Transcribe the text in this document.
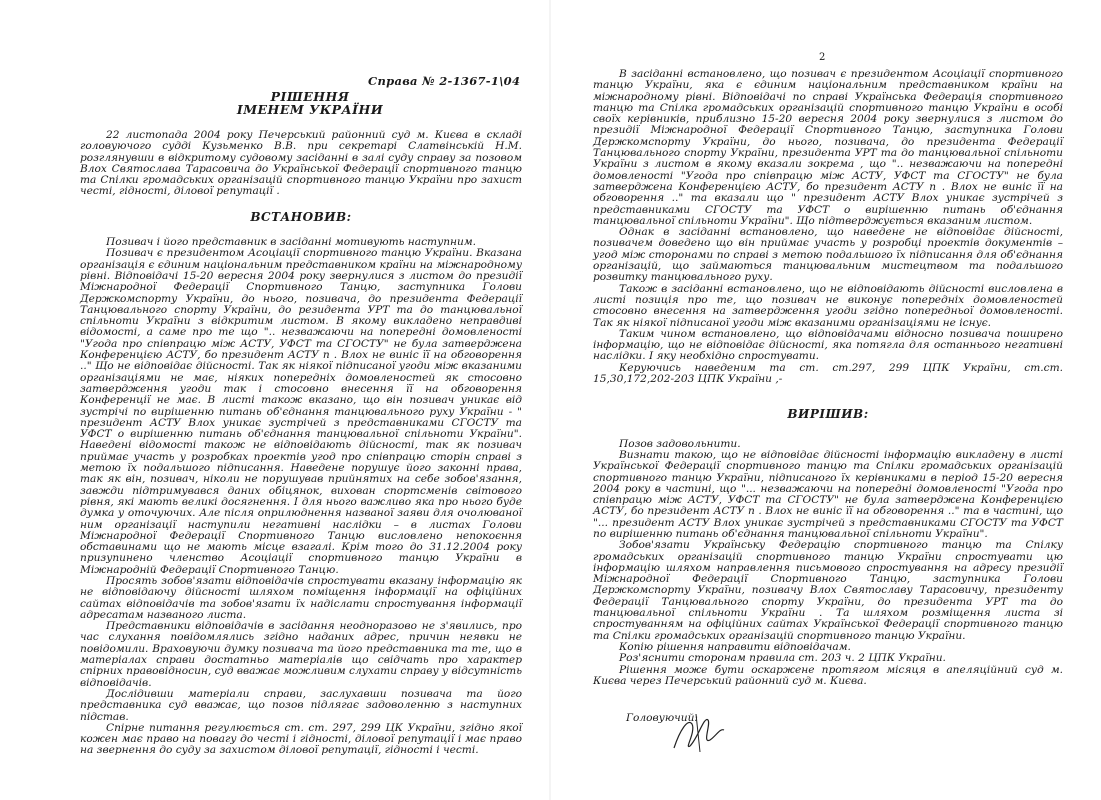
Справа № 2-1367-1\04
РІШЕННЯ
ІМЕНЕМ УКРАЇНИ

22 листопада 2004 року Печерський районний суд м. Києва в складі головуючого судді Кузьменко В.В. при секретарі Слатвінській Н.М. розглянувши в відкритому судовому засіданні в залі суду справу за позовом Влох Святослава Тарасовича до Української Федерації спортивного танцю та Спілки громадських організацій спортивного танцю України про захист честі, гідності, ділової репутації .

ВСТАНОВИВ:

Позивач і його представник в засіданні мотивують наступним.

Позивач є президентом Асоціації спортивного танцю України. Вказана організація є єдиним національним представником країни на міжнародному рівні. Відповідачі 15-20 вересня 2004 року звернулися з листом до президії Міжнародної Федерації Спортивного Танцю, заступника Голови Держкомспорту України, до нього, позивача, до президента Федерації Танцювального спорту України, до резидента УРТ та до танцювальної спільноти України з відкритим листом. В якому викладено неправдиві відомості, а саме про те що ".. незважаючи на попередні домовленості "Угода про співпрацю між АСТУ, УФСТ та СГОСТУ" не була затверджена Конференцією АСТУ, бо президент АСТУ п . Влох не виніс її на обговорення .." Що не відповідає дійсності. Так як ніякої підписаної угоди між вказаними організаціями не має, ніяких попередніх домовленостей як стосовно затвердження угоди так і стосовно внесення її на обговорення Конференції не має. В листі також вказано, що він позивач уникає від зустрічі по вирішенню питань об'єднання танцювального руху України - " президент АСТУ Влох уникає зустрічей з представниками СГОСТУ та УФСТ о вирішенню питань об'єднання танцювальної спільноти України". Наведені відомості також не відповідають дійсності, так як позивач приймає участь у розробках проектів угод про співпрацю сторін справі з метою їх подальшого підписання. Наведене порушує його законні права, так як він, позивач, ніколи не порушував прийнятих на себе зобов'язання, завжди підтримувався даних обіцянок, вихован спортсменів світового рівня, які мають великі досягнення. І для нього важливо яка про нього буде думка у оточуючих. Але після оприлюднення названої заяви для очолюваної ним організації наступили негативні наслідки – в листах Голови Міжнародної Федерації Спортивного Танцю висловлено непокоєння обставинами що не мають місце взагалі. Крім того до 31.12.2004 року призупинено членство Асоціації спортивного танцю України в Міжнародній Федерації Спортивного Танцю.

Просять зобов'язати відповідачів спростувати вказану інформацію як не відповідаючу дійсності шляхом поміщення інформації на офіційних сайтах відповідачів та зобов'язати їх надіслати спростування інформації адресатам названого листа.

Представники відповідачів в засідання неодноразово не з'явились, про час слухання повідомлялись згідно наданих адрес, причин неявки не повідомили. Враховуючи думку позивача та його представника та те, що в матеріалах справи достатньо матеріалів що свідчать про характер спірних правовідносин, суд вважає можливим слухати справу у відсутність відповідачів.

Дослідивши матеріали справи, заслухавши позивача та його представника суд вважає, що позов підлягає задоволенню з наступних підстав.

Спірне питання регулюється ст. ст. 297, 299 ЦК України, згідно якої кожен має право на повагу до честі і гідності, ділової репутації і має право на звернення до суду за захистом ділової репутації, гідності і честі.

2

В засіданні встановлено, що позивач є президентом Асоціації спортивного танцю України, яка є єдиним національним представником країни на міжнародному рівні. Відповідачі по справі Українська Федерація спортивного танцю та Спілка громадських організацій спортивного танцю України в особі своїх керівників, приблизно 15-20 вересня 2004 року звернулися з листом до президії Міжнародної Федерації Спортивного Танцю, заступника Голови Держкомспорту України, до нього, позивача, до президента Федерації Танцювального спорту України, президента УРТ та до танцювальної спільноти України з листом в якому вказали зокрема , що ".. незважаючи на попередні домовленості "Угода про співпрацю між АСТУ, УФСТ та СГОСТУ" не була затверджена Конференцією АСТУ, бо президент АСТУ п . Влох не виніс її на обговорення .." та вказали що " президент АСТУ Влох уникає зустрічей з представниками СГОСТУ та УФСТ о вирішенню питань об'єднання танцювальної спільноти України". Що підтверджується вказаним листом.

Однак в засіданні встановлено, що наведене не відповідає дійсності, позивачем доведено що він приймає участь у розробці проектів документів – угод між сторонами по справі з метою подальшого їх підписання для об'єднання організацій, що займаються танцювальним мистецтвом та подальшого розвитку танцювального руху.

Також в засіданні встановлено, що не відповідають дійсності висловлена в листі позиція про те, що позивач не виконує попередніх домовленостей стосовно внесення на затвердження угоди згідно попередньої домовленості. Так як ніякої підписаної угоди між вказаними організаціями не існує.

Таким чином встановлено, що відповідачами відносно позивача поширено інформацію, що не відповідає дійсності, яка потягла для останнього негативні наслідки. І яку необхідно спростувати.

Керуючись наведеним та ст. ст.297, 299 ЦПК України, ст.ст. 15,30,172,202-203 ЦПК України ,-

ВИРІШИВ:

Позов задовольнити.

Визнати такою, що не відповідає дійсності інформацію викладену в листі Української Федерації спортивного танцю та Спілки громадських організацій спортивного танцю України, підписаного їх керівниками в період 15-20 вересня 2004 року в частині, що "... незважаючи на попередні домовленості "Угода про співпрацю між АСТУ, УФСТ та СГОСТУ" не була затверджена Конференцією АСТУ, бо президент АСТУ п . Влох не виніс її на обговорення .." та в частині, що "... президент АСТУ Влох уникає зустрічей з представниками СГОСТУ та УФСТ по вирішенню питань об'єднання танцювальної спільноти України".

Зобов'язати Українську Федерацію спортивного танцю та Спілку громадських організацій спортивного танцю України спростувати цю інформацію шляхом направлення письмового спростування на адресу президії Міжнародної Федерації Спортивного Танцю, заступника Голови Держкомспорту України, позивачу Влох Святославу Тарасовичу, президенту Федерації Танцювального спорту України, до президента УРТ та до танцювальної спільноти України . Та шляхом розміщення листа зі спростуванням на офіційних сайтах Української Федерації спортивного танцю та Спілки громадських організацій спортивного танцю України.

Копію рішення направити відповідачам.

Роз'яснити сторонам правила ст. 203 ч. 2 ЦПК України.

Рішення може бути оскаржене протягом місяця в апеляційний суд м. Києва через Печерський районний суд м. Києва.

Головуючий:
